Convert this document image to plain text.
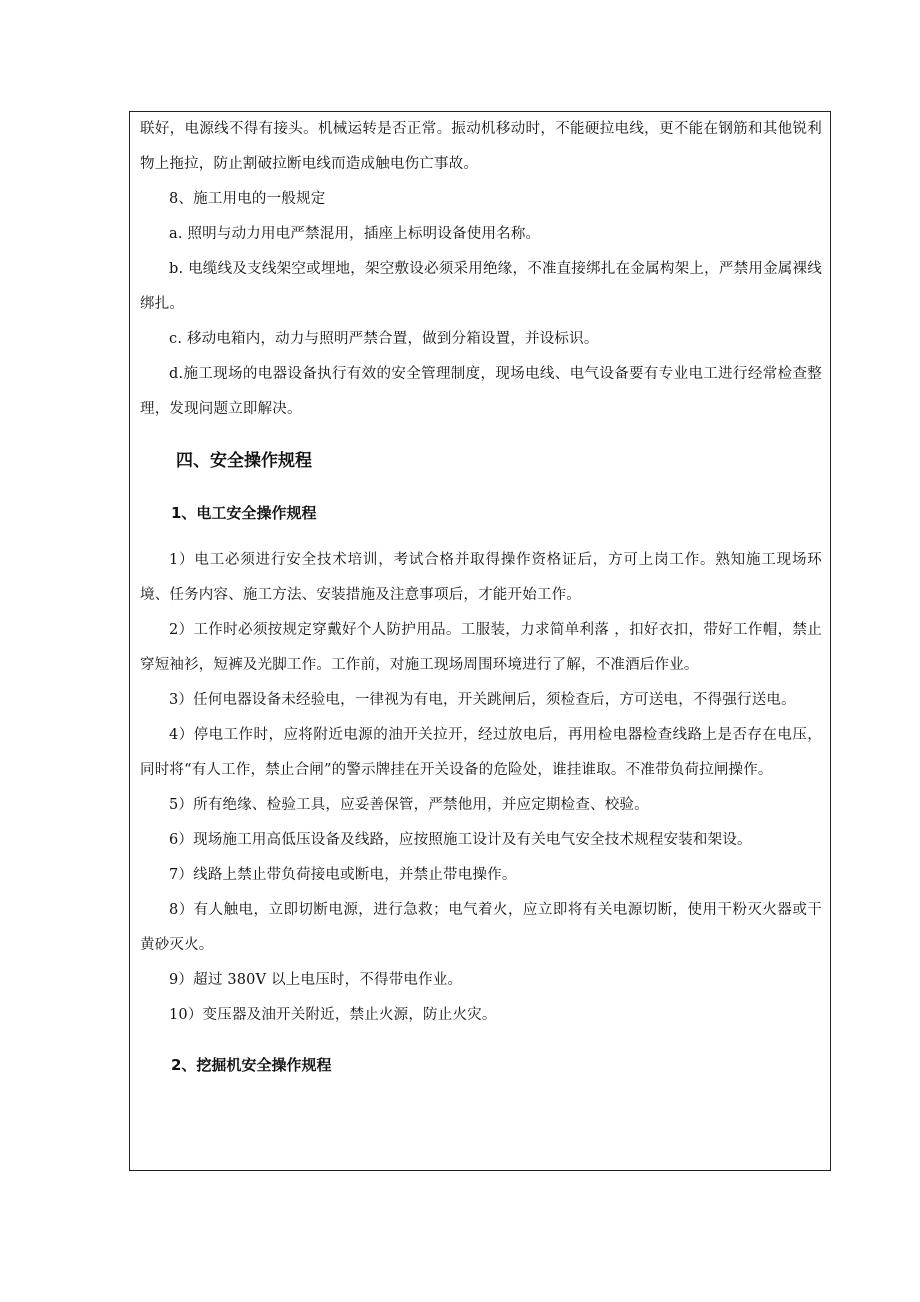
联好，电源线不得有接头。机械运转是否正常。振动机移动时，不能硬拉电线，更不能在钢筋和其他锐利物上拖拉，防止割破拉断电线而造成触电伤亡事故。

8、施工用电的一般规定

a. 照明与动力用电严禁混用，插座上标明设备使用名称。

b. 电缆线及支线架空或埋地，架空敷设必须采用绝缘，不准直接绑扎在金属构架上，严禁用金属裸线绑扎。

c. 移动电箱内，动力与照明严禁合置，做到分箱设置，并设标识。

d.施工现场的电器设备执行有效的安全管理制度，现场电线、电气设备要有专业电工进行经常检查整理，发现问题立即解决。

四、安全操作规程
1、电工安全操作规程

1）电工必须进行安全技术培训，考试合格并取得操作资格证后，方可上岗工作。熟知施工现场环境、任务内容、施工方法、安装措施及注意事项后，才能开始工作。

2）工作时必须按规定穿戴好个人防护用品。工服装，力求简单利落 ，扣好衣扣，带好工作帽，禁止穿短袖衫，短裤及光脚工作。工作前，对施工现场周围环境进行了解，不准酒后作业。

3）任何电器设备未经验电，一律视为有电，开关跳闸后，须检查后，方可送电，不得强行送电。

4）停电工作时，应将附近电源的油开关拉开，经过放电后，再用检电器检查线路上是否存在电压，同时将“有人工作，禁止合闸”的警示牌挂在开关设备的危险处，谁挂谁取。不准带负荷拉闸操作。

5）所有绝缘、检验工具，应妥善保管，严禁他用，并应定期检查、校验。

6）现场施工用高低压设备及线路，应按照施工设计及有关电气安全技术规程安装和架设。

7）线路上禁止带负荷接电或断电，并禁止带电操作。

8）有人触电，立即切断电源，进行急救；电气着火，应立即将有关电源切断，使用干粉灭火器或干黄砂灭火。

9）超过 380V 以上电压时，不得带电作业。

10）变压器及油开关附近，禁止火源，防止火灾。

2、挖掘机安全操作规程
